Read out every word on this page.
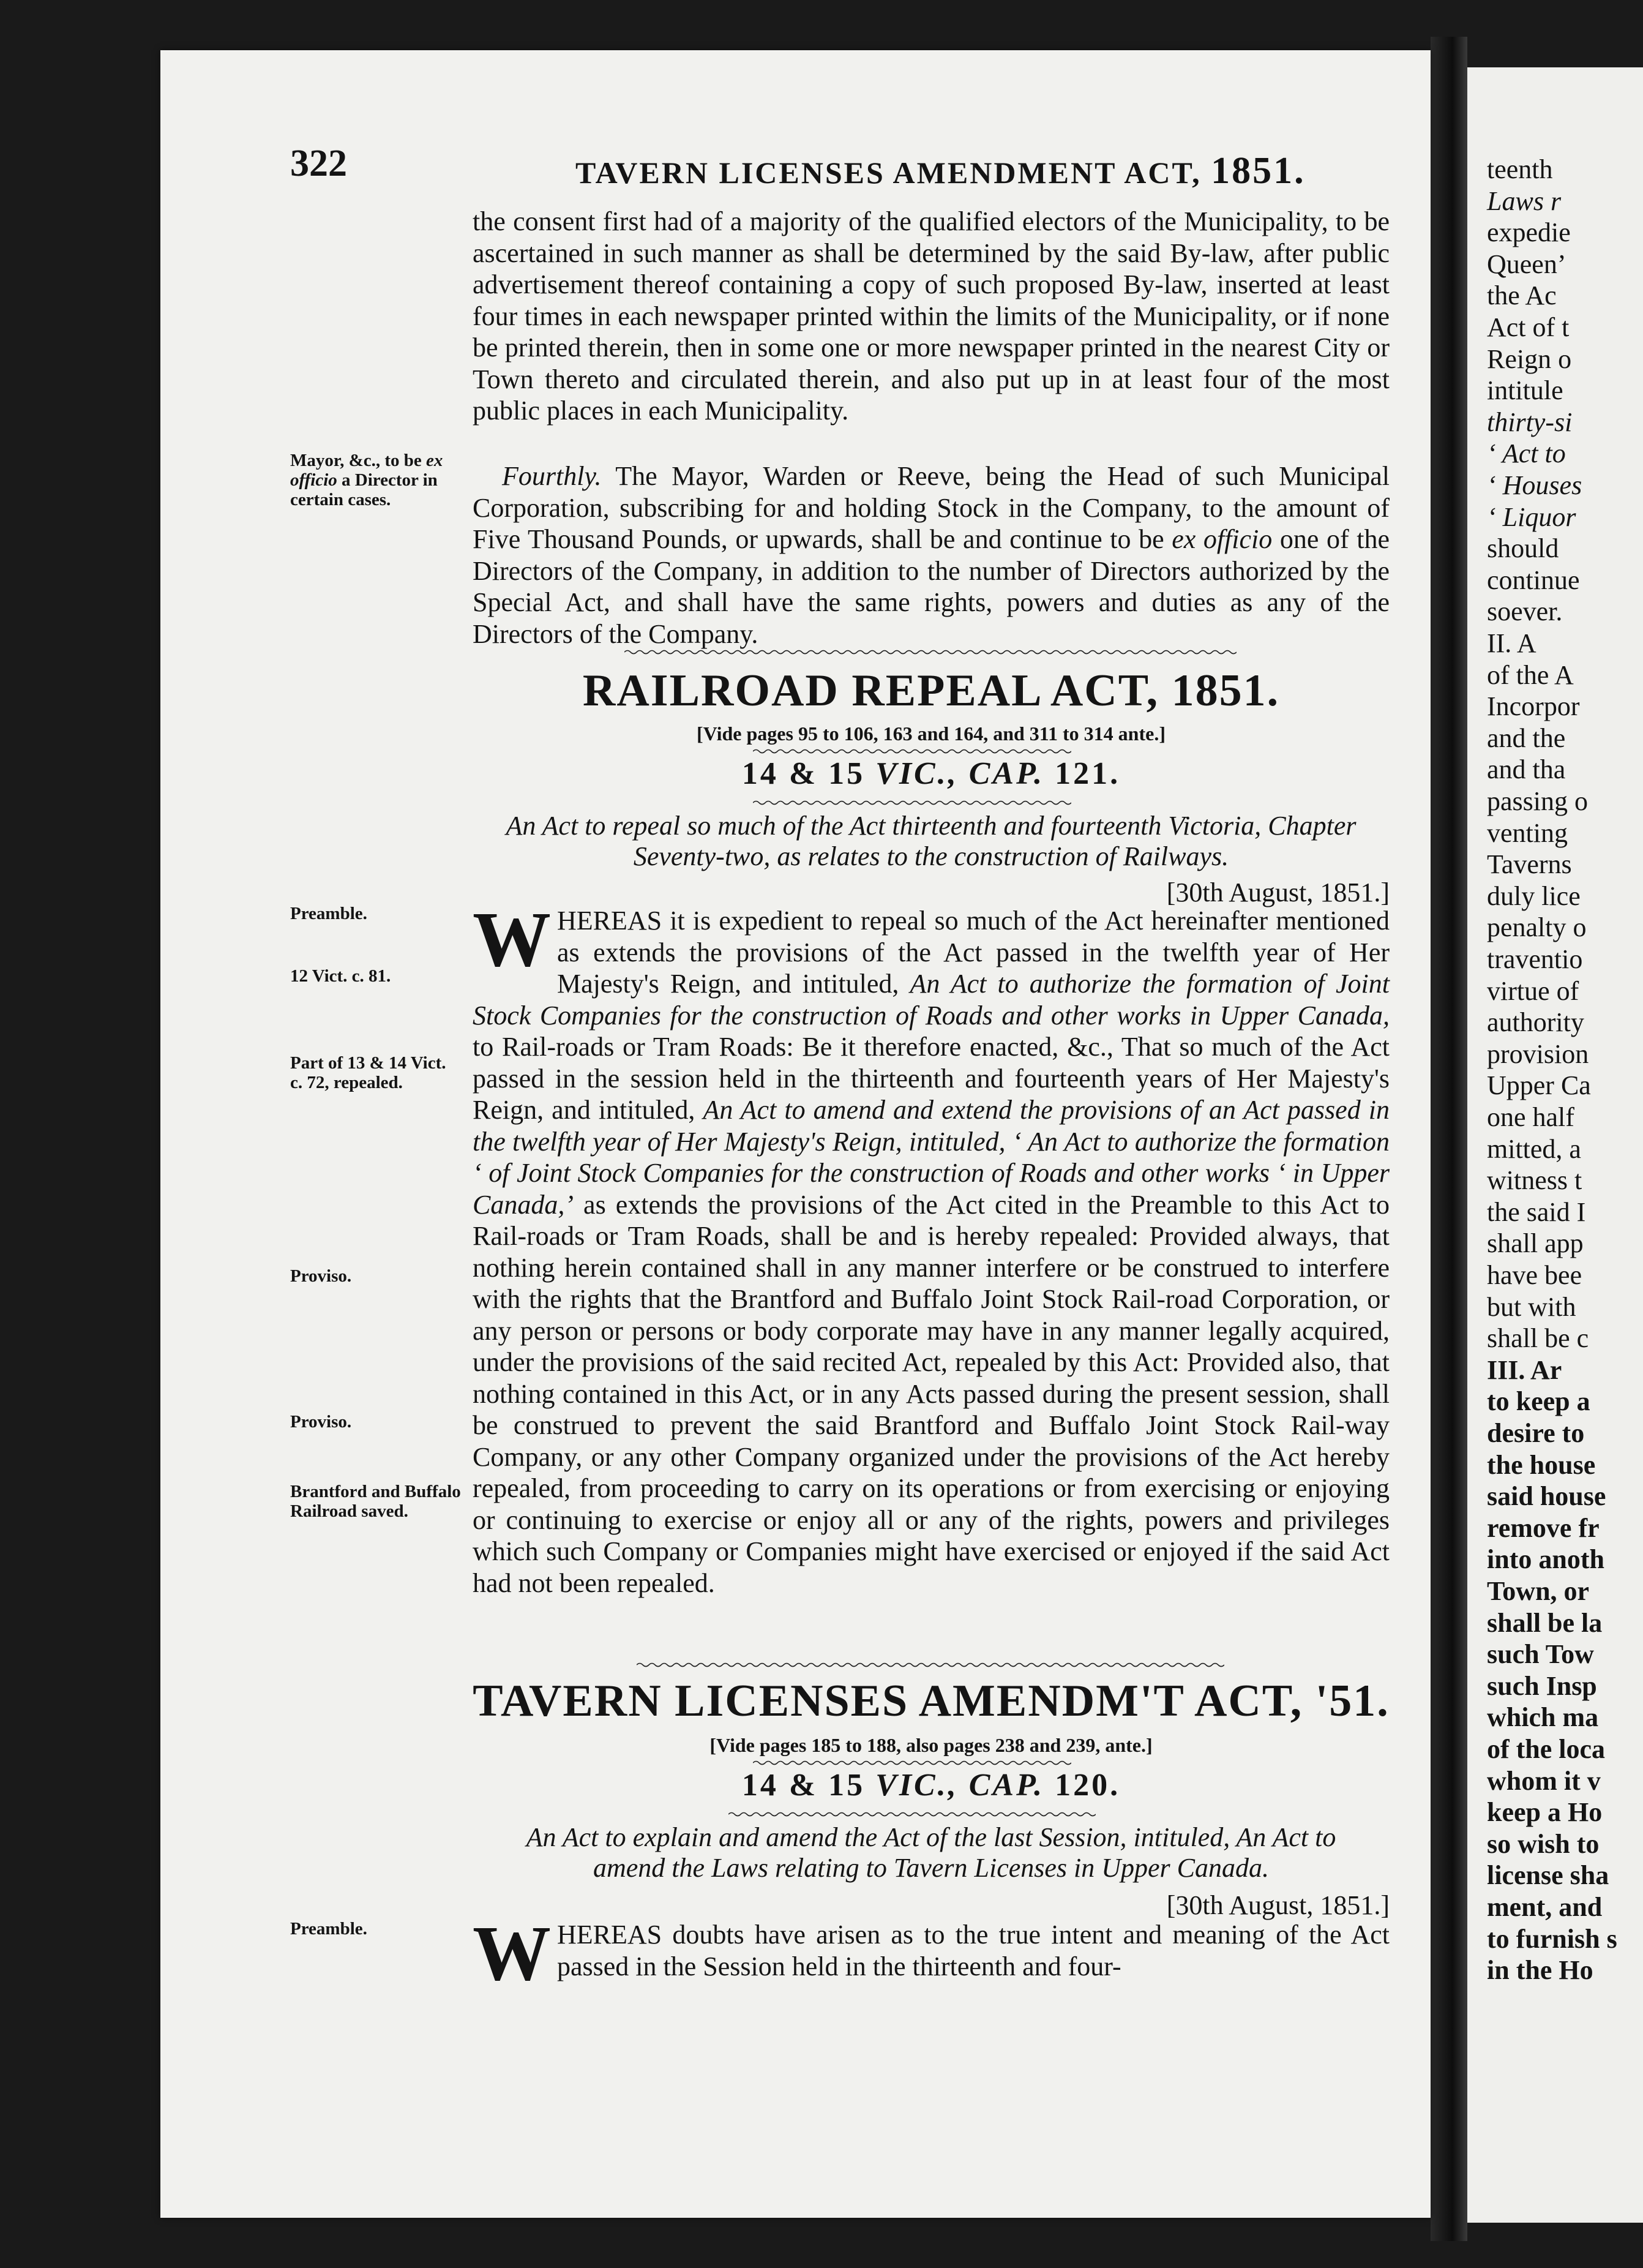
teenth
Laws r
expedie
Queen’
the Ac
Act of t
Reign o
intitule
thirty-si
‘ Act to
‘ Houses
‘ Liquor
should
continue
soever.
II. A
of the A
Incorpor
and the
and tha
passing o
venting
Taverns
duly lice
penalty o
traventio
virtue of
authority
provision
Upper Ca
one half
mitted, a
witness t
the said I
shall app
have bee
but with
shall be c
III. Ar
to keep a
desire to
the house
said house
remove fr
into anoth
Town, or
shall be la
such Tow
such Insp
which ma
of the loca
whom it v
keep a Ho
so wish to
license sha
ment, and
to furnish s
in the Ho
322	TAVERN LICENSES AMENDMENT ACT, 1851.

the consent first had of a majority of the qualified electors of the Municipality, to be ascertained in such manner as shall be determined by the said By-law, after public advertisement thereof containing a copy of such proposed By-law, inserted at least four times in each newspaper printed within the limits of the Municipality, or if none be printed therein, then in some one or more newspaper printed in the nearest City or Town thereto and circulated therein, and also put up in at least four of the most public places in each Municipality.

Fourthly. The Mayor, Warden or Reeve, being the Head of such Municipal Corporation, subscribing for and holding Stock in the Company, to the amount of Five Thousand Pounds, or upwards, shall be and continue to be ex officio one of the Directors of the Company, in addition to the number of Directors authorized by the Special Act, and shall have the same rights, powers and duties as any of the Directors of the Company.

Mayor, &c., to be ex officio a Director in certain cases.
RAILROAD REPEAL ACT, 1851.
[Vide pages 95 to 106, 163 and 164, and 311 to 314 ante.]
14 & 15 VIC., CAP. 121.
An Act to repeal so much of the Act thirteenth and fourteenth Victoria, Chapter Seventy-two, as relates to the construction of Railways.
[30th August, 1851.]
W HEREAS it is expedient to repeal so much of the Act hereinafter mentioned as extends the provisions of the Act passed in the twelfth year of Her Majesty's Reign, and intituled, An Act to authorize the formation of Joint Stock Companies for the construction of Roads and other works in Upper Canada, to Rail-roads or Tram Roads: Be it therefore enacted, &c., That so much of the Act passed in the session held in the thirteenth and fourteenth years of Her Majesty's Reign, and intituled, An Act to amend and extend the provisions of an Act passed in the twelfth year of Her Majesty's Reign, intituled, ‘ An Act to authorize the formation ‘ of Joint Stock Companies for the construction of Roads and other works ‘ in Upper Canada,’ as extends the provisions of the Act cited in the Preamble to this Act to Rail-roads or Tram Roads, shall be and is hereby repealed: Provided always, that nothing herein contained shall in any manner interfere or be construed to interfere with the rights that the Brantford and Buffalo Joint Stock Rail-road Corporation, or any person or persons or body corporate may have in any manner legally acquired, under the provisions of the said recited Act, repealed by this Act: Provided also, that nothing contained in this Act, or in any Acts passed during the present session, shall be construed to prevent the said Brantford and Buffalo Joint Stock Rail-way Company, or any other Company organized under the provisions of the Act hereby repealed, from proceeding to carry on its operations or from exercising or enjoying or continuing to exercise or enjoy all or any of the rights, powers and privileges which such Company or Companies might have exercised or enjoyed if the said Act had not been repealed.

Preamble.
12 Vict. c. 81.
Part of 13 & 14 Vict. c. 72, repealed.
Proviso.
Proviso.
Brantford and Buffalo Railroad saved.
TAVERN LICENSES AMENDM'T ACT, '51.
[Vide pages 185 to 188, also pages 238 and 239, ante.]
14 & 15 VIC., CAP. 120.
An Act to explain and amend the Act of the last Session, intituled, An Act to amend the Laws relating to Tavern Licenses in Upper Canada.
[30th August, 1851.]
W HEREAS doubts have arisen as to the true intent and meaning of the Act passed in the Session held in the thirteenth and four-

Preamble.
